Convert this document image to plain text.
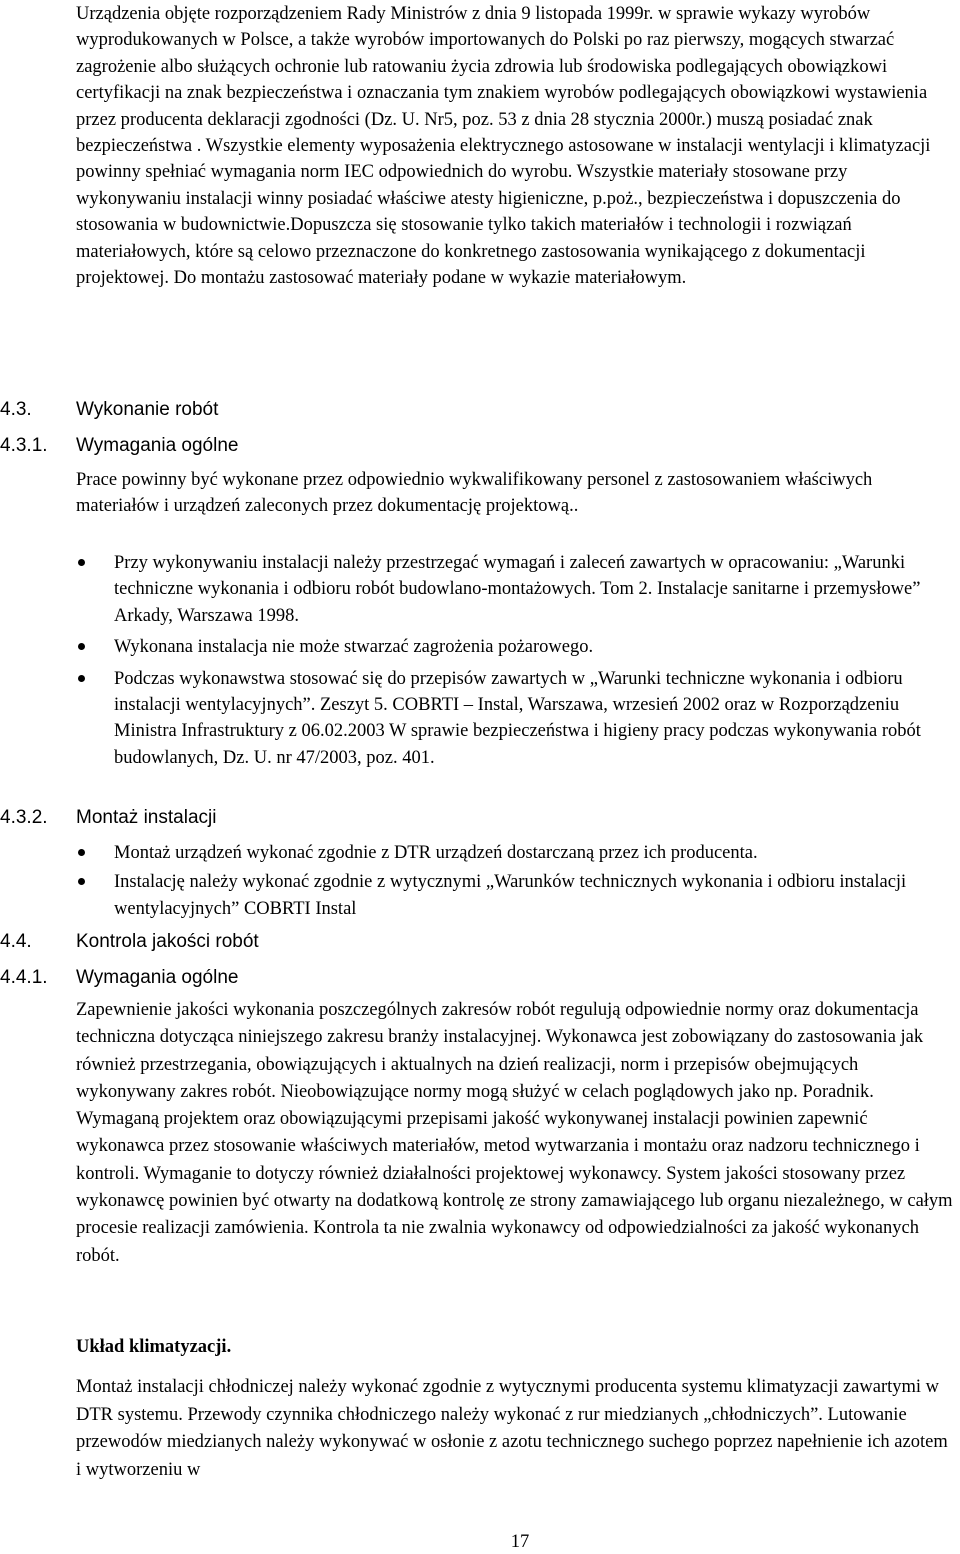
Urządzenia objęte rozporządzeniem Rady Ministrów z dnia 9 listopada 1999r. w sprawie wykazy wyrobów wyprodukowanych w Polsce, a także wyrobów importowanych do Polski po raz pierwszy, mogących stwarzać zagrożenie albo służących ochronie lub ratowaniu życia zdrowia lub środowiska podlegających obowiązkowi certyfikacji na znak bezpieczeństwa i oznaczania tym znakiem wyrobów podlegających obowiązkowi wystawienia przez producenta deklaracji zgodności (Dz. U. Nr5, poz. 53 z dnia 28 stycznia 2000r.) muszą posiadać znak bezpieczeństwa . Wszystkie elementy wyposażenia elektrycznego astosowane w instalacji wentylacji i klimatyzacji powinny spełniać wymagania norm IEC odpowiednich do wyrobu. Wszystkie materiały stosowane przy wykonywaniu instalacji winny posiadać właściwe atesty higieniczne, p.poż., bezpieczeństwa i dopuszczenia do stosowania w budownictwie.Dopuszcza się stosowanie tylko takich materiałów i technologii i rozwiązań materiałowych, które są celowo przeznaczone do konkretnego zastosowania wynikającego z dokumentacji projektowej. Do montażu zastosować materiały podane w wykazie materiałowym.

4.3. Wykonanie robót
4.3.1. Wymagania ogólne

Prace powinny być wykonane przez odpowiednio wykwalifikowany personel z zastosowaniem właściwych materiałów i urządzeń zaleconych przez dokumentację projektową..

Przy wykonywaniu instalacji należy przestrzegać wymagań i zaleceń zawartych w opracowaniu: „Warunki techniczne wykonania i odbioru robót budowlano-montażowych. Tom 2. Instalacje sanitarne i przemysłowe” Arkady, Warszawa 1998.
Wykonana instalacja nie może stwarzać zagrożenia pożarowego.
Podczas wykonawstwa stosować się do przepisów zawartych w „Warunki techniczne wykonania i odbioru instalacji wentylacyjnych”. Zeszyt 5. COBRTI – Instal, Warszawa, wrzesień 2002 oraz w Rozporządzeniu Ministra Infrastruktury z 06.02.2003 W sprawie bezpieczeństwa i higieny pracy podczas wykonywania robót budowlanych, Dz. U. nr 47/2003, poz. 401.
4.3.2. Montaż instalacji
Montaż urządzeń wykonać zgodnie z DTR urządzeń dostarczaną przez ich producenta.
Instalację należy wykonać zgodnie z wytycznymi „Warunków technicznych wykonania i odbioru instalacji wentylacyjnych” COBRTI Instal
4.4. Kontrola jakości robót
4.4.1. Wymagania ogólne

Zapewnienie jakości wykonania poszczególnych zakresów robót regulują odpowiednie normy oraz dokumentacja techniczna dotycząca niniejszego zakresu branży instalacyjnej. Wykonawca jest zobowiązany do zastosowania jak również przestrzegania, obowiązujących i aktualnych na dzień realizacji, norm i przepisów obejmujących wykonywany zakres robót. Nieobowiązujące normy mogą służyć w celach poglądowych jako np. Poradnik. Wymaganą projektem oraz obowiązującymi przepisami jakość wykonywanej instalacji powinien zapewnić wykonawca przez stosowanie właściwych materiałów, metod wytwarzania i montażu oraz nadzoru technicznego i kontroli. Wymaganie to dotyczy również działalności projektowej wykonawcy. System jakości stosowany przez wykonawcę powinien być otwarty na dodatkową kontrolę ze strony zamawiającego lub organu niezależnego, w całym procesie realizacji zamówienia. Kontrola ta nie zwalnia wykonawcy od odpowiedzialności za jakość wykonanych robót.

Układ klimatyzacji.

Montaż instalacji chłodniczej należy wykonać zgodnie z wytycznymi producenta systemu klimatyzacji zawartymi w DTR systemu. Przewody czynnika chłodniczego należy wykonać z rur miedzianych „chłodniczych”. Lutowanie przewodów miedzianych należy wykonywać w osłonie z azotu technicznego suchego poprzez napełnienie ich azotem i wytworzeniu w

17
